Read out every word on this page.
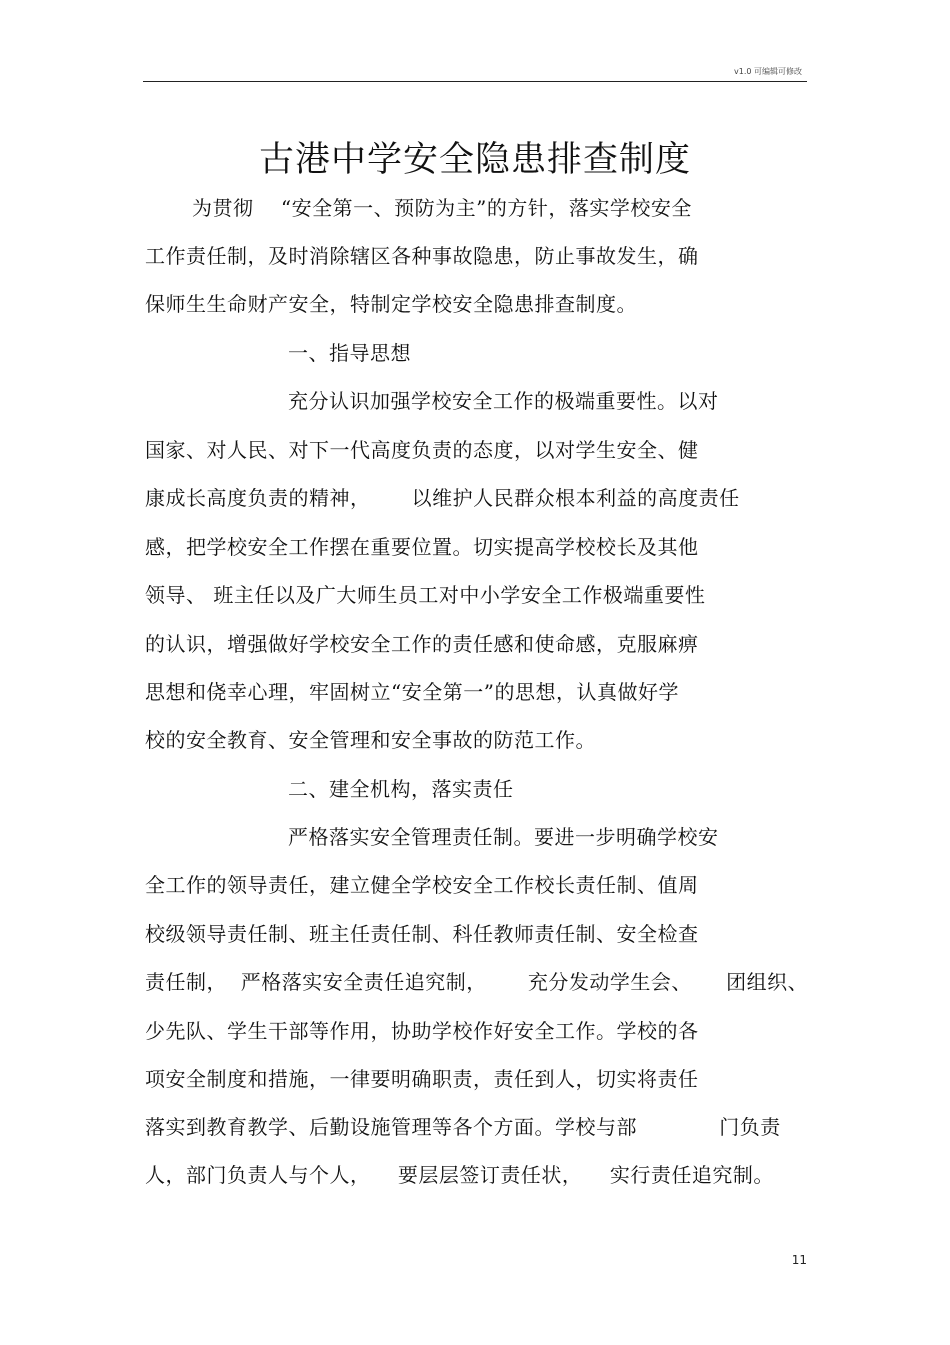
v1.0 可编辑可修改
古港中学安全隐患排查制度
为贯彻    “安全第一、预防为主”的方针，落实学校安全
工作责任制，及时消除辖区各种事故隐患，防止事故发生，确
保师生生命财产安全，特制定学校安全隐患排查制度。
一、指导思想
充分认识加强学校安全工作的极端重要性。以对
国家、对人民、对下一代高度负责的态度，以对学生安全、健
康成长高度负责的精神，      以维护人民群众根本利益的高度责任
感，把学校安全工作摆在重要位置。切实提高学校校长及其他
领导、 班主任以及广大师生员工对中小学安全工作极端重要性
的认识，增强做好学校安全工作的责任感和使命感，克服麻痹
思想和侥幸心理，牢固树立“安全第一”的思想，认真做好学
校的安全教育、安全管理和安全事故的防范工作。
二、建全机构，落实责任
严格落实安全管理责任制。要进一步明确学校安
全工作的领导责任，建立健全学校安全工作校长责任制、值周
校级领导责任制、班主任责任制、科任教师责任制、安全检查
责任制，  严格落实安全责任追究制，      充分发动学生会、     团组织、
少先队、学生干部等作用，协助学校作好安全工作。学校的各
项安全制度和措施，一律要明确职责，责任到人，切实将责任
落实到教育教学、后勤设施管理等各个方面。学校与部            门负责
人，部门负责人与个人，    要层层签订责任状，    实行责任追究制。
11
